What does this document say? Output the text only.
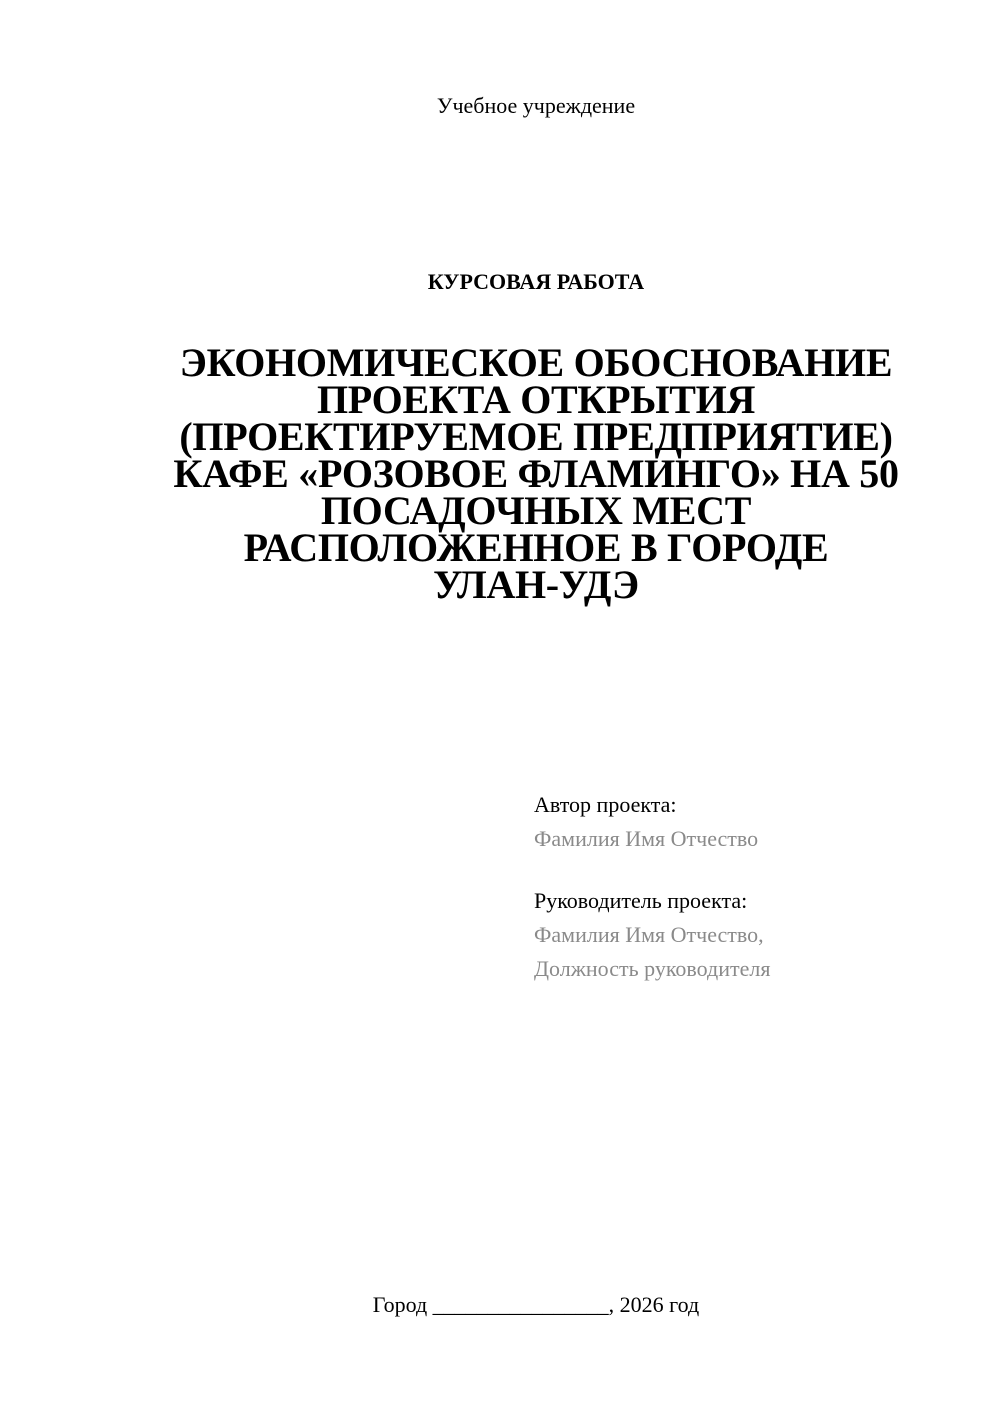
Учебное учреждение
КУРСОВАЯ РАБОТА
ЭКОНОМИЧЕСКОЕ ОБОСНОВАНИЕ
ПРОЕКТА ОТКРЫТИЯ
(ПРОЕКТИРУЕМОЕ ПРЕДПРИЯТИЕ)
КАФЕ «РОЗОВОЕ ФЛАМИНГО» НА 50
ПОСАДОЧНЫХ МЕСТ
РАСПОЛОЖЕННОЕ В ГОРОДЕ
УЛАН-УДЭ
Автор проекта:
Фамилия Имя Отчество
Руководитель проекта:
Фамилия Имя Отчество,
Должность руководителя
Город ________________, 2026 год
